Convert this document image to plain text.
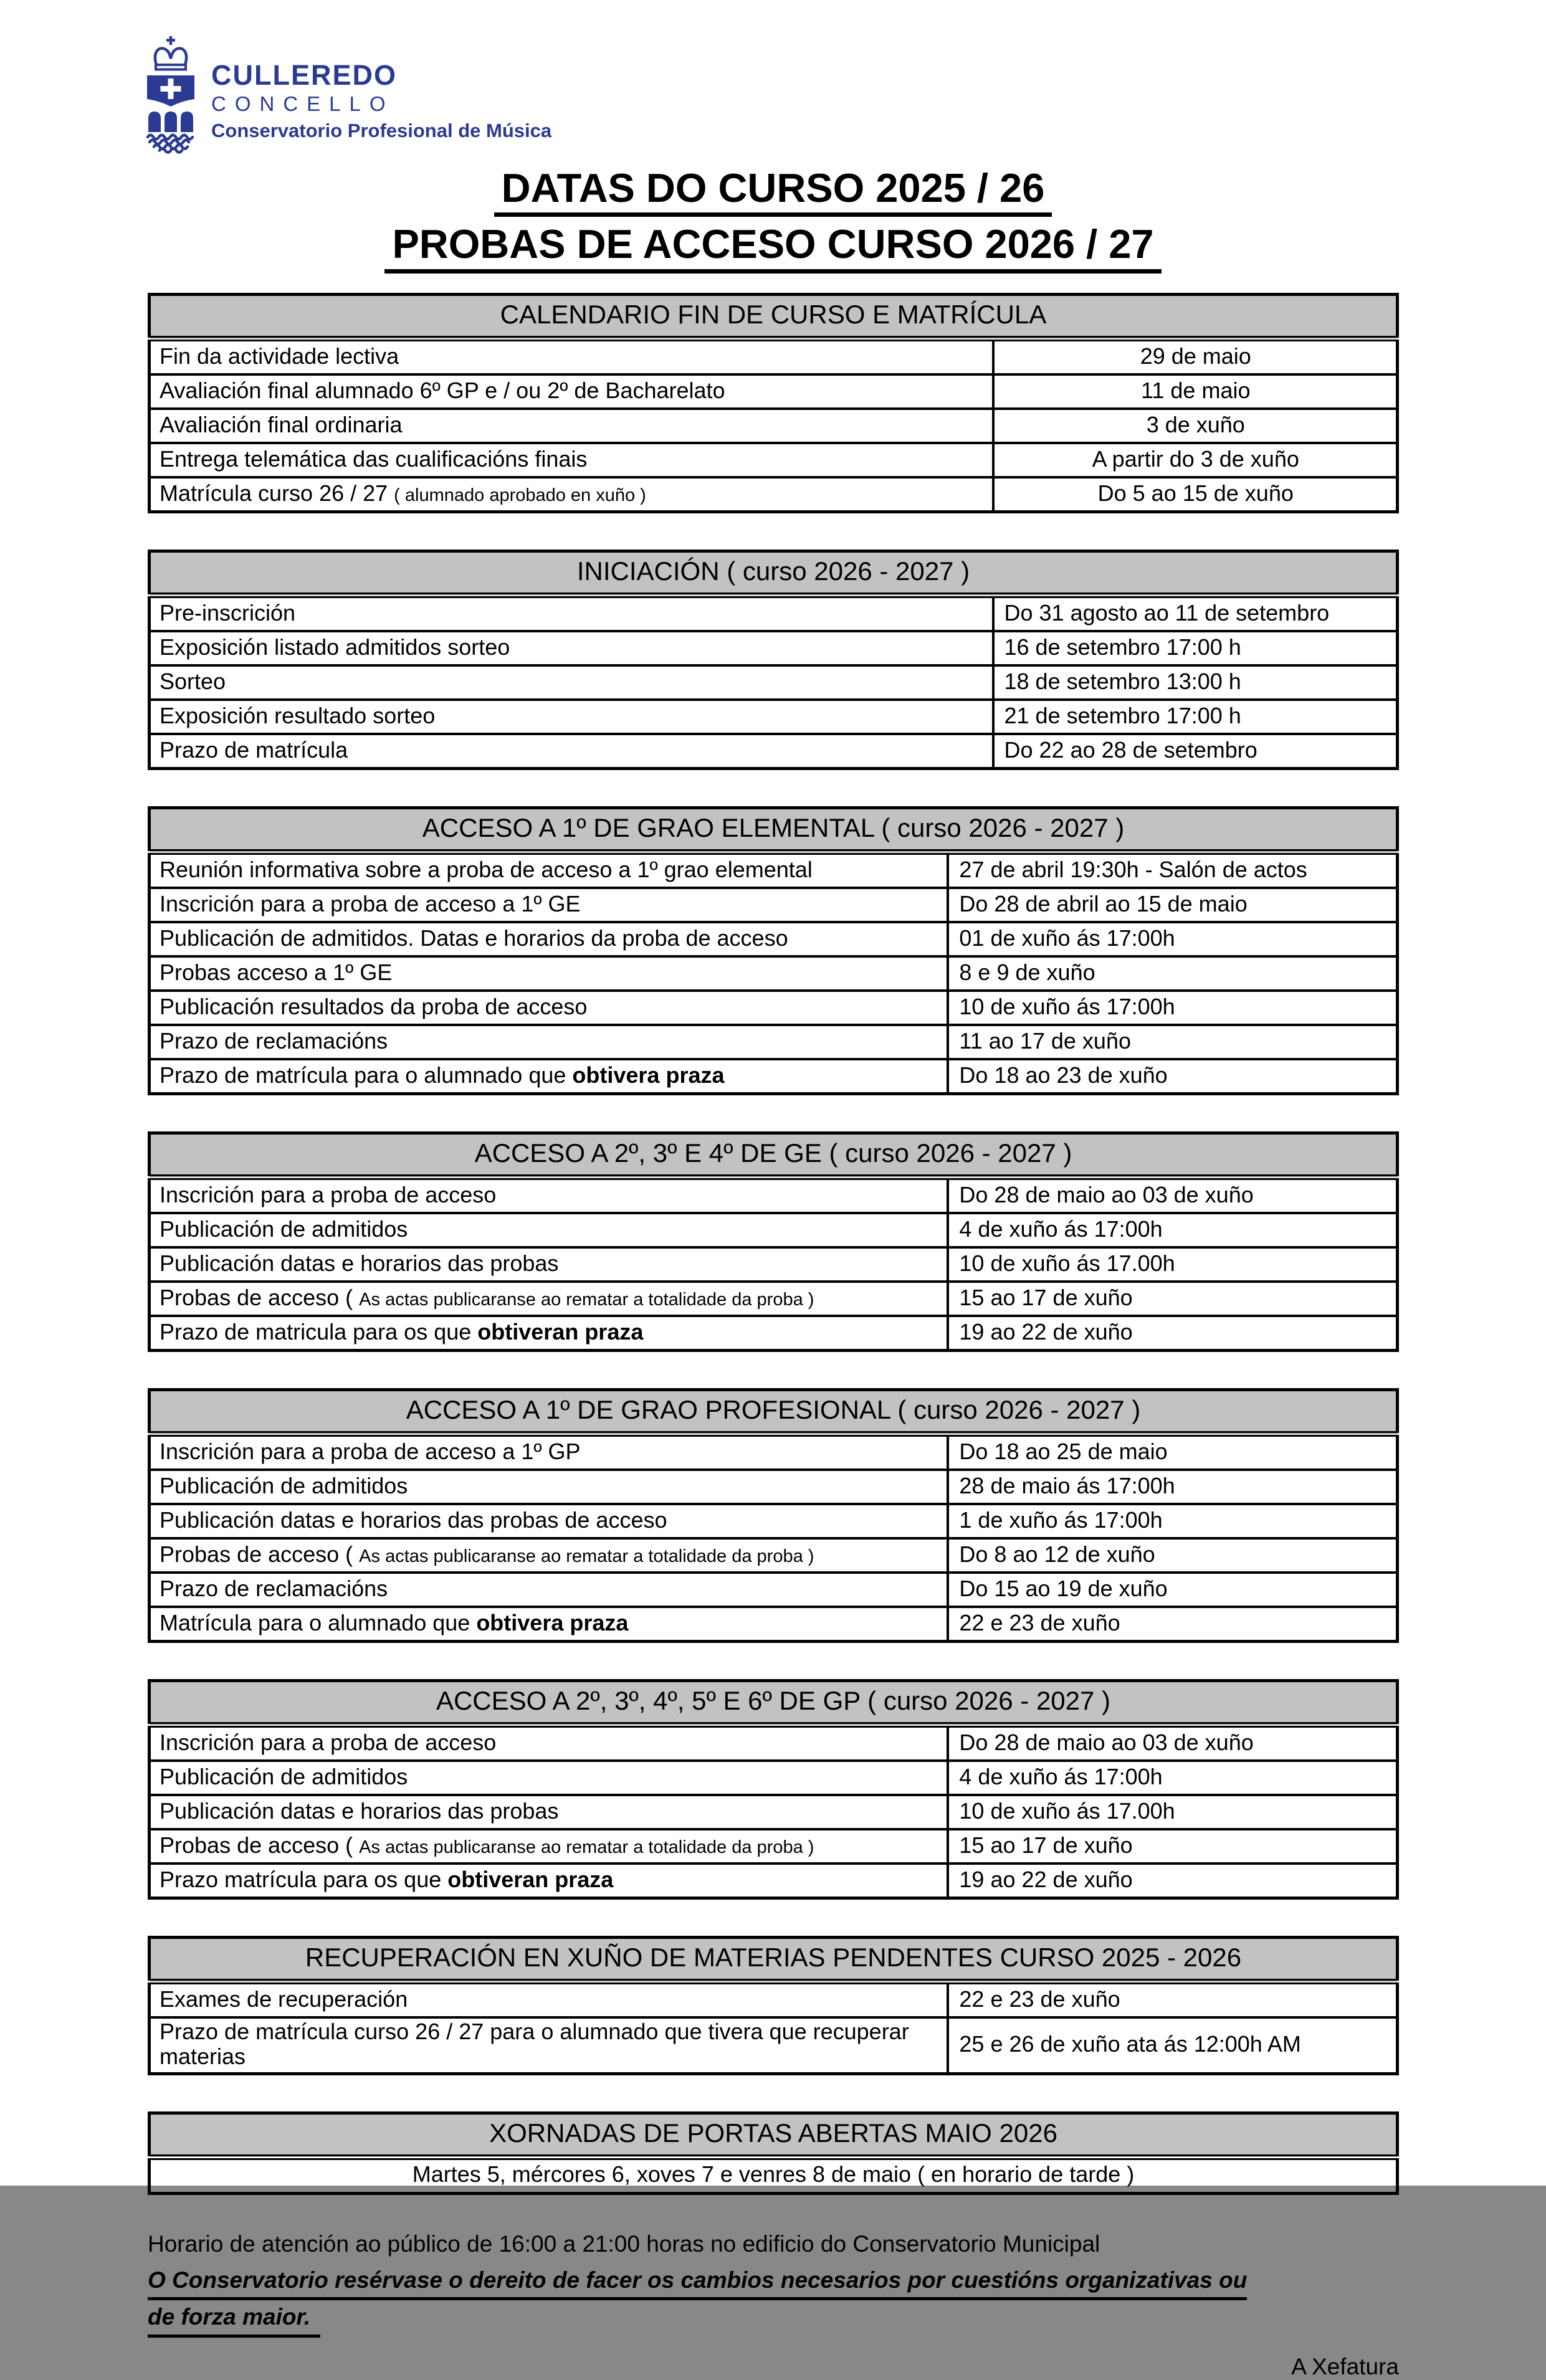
CULLEREDO
CONCELLO
Conservatorio Profesional de Música
DATAS DO CURSO 2025 / 26
PROBAS DE ACCESO CURSO 2026 / 27
CALENDARIO FIN DE CURSO E MATRÍCULA	
Fin da actividade lectiva	29 de maio
Avaliación final alumnado 6º GP e / ou 2º de Bacharelato	11 de maio
Avaliación final ordinaria	3 de xuño
Entrega telemática das cualificacións finais	A partir do 3 de xuño
Matrícula curso 26 / 27 ( alumnado aprobado en xuño )	Do 5 ao 15 de xuño
INICIACIÓN ( curso 2026 - 2027 )	
Pre-inscrición	Do 31 agosto ao 11 de setembro
Exposición listado admitidos sorteo	16 de setembro 17:00 h
Sorteo	18 de setembro 13:00 h
Exposición resultado sorteo	21 de setembro 17:00 h
Prazo de matrícula	Do 22 ao 28 de setembro
ACCESO A 1º DE GRAO ELEMENTAL ( curso 2026 - 2027 )	
Reunión informativa sobre a proba de acceso a 1º grao elemental	27 de abril 19:30h - Salón de actos
Inscrición para a proba de acceso a 1º GE	Do 28 de abril ao 15 de maio
Publicación de admitidos. Datas e horarios da proba de acceso	01 de xuño ás 17:00h
Probas acceso a 1º GE	8 e 9 de xuño
Publicación resultados da proba de acceso	10 de xuño ás 17:00h
Prazo de reclamacións	11 ao 17 de xuño
Prazo de matrícula para o alumnado que obtivera praza	Do 18 ao 23 de xuño
ACCESO A 2º, 3º E 4º DE GE ( curso 2026 - 2027 )	
Inscrición para a proba de acceso	Do 28 de maio ao 03 de xuño
Publicación de admitidos	4 de xuño ás 17:00h
Publicación datas e horarios das probas	10 de xuño ás 17.00h
Probas de acceso ( As actas publicaranse ao rematar a totalidade da proba )	15 ao 17 de xuño
Prazo de matricula para os que obtiveran praza	19 ao 22 de xuño
ACCESO A 1º DE GRAO PROFESIONAL ( curso 2026 - 2027 )	
Inscrición para a proba de acceso a 1º GP	Do 18 ao 25 de maio
Publicación de admitidos	28 de maio ás 17:00h
Publicación datas e horarios das probas de acceso	1 de xuño ás 17:00h
Probas de acceso ( As actas publicaranse ao rematar a totalidade da proba )	Do 8 ao 12 de xuño
Prazo de reclamacións	Do 15 ao 19 de xuño
Matrícula para o alumnado que obtivera praza	22 e 23 de xuño
ACCESO A 2º, 3º, 4º, 5º E 6º DE GP ( curso 2026 - 2027 )	
Inscrición para a proba de acceso	Do 28 de maio ao 03 de xuño
Publicación de admitidos	4 de xuño ás 17:00h
Publicación datas e horarios das probas	10 de xuño ás 17.00h
Probas de acceso ( As actas publicaranse ao rematar a totalidade da proba )	15 ao 17 de xuño
Prazo matrícula para os que obtiveran praza	19 ao 22 de xuño
RECUPERACIÓN EN XUÑO DE MATERIAS PENDENTES CURSO 2025 - 2026	
Exames de recuperación	22 e 23 de xuño
Prazo de matrícula curso 26 / 27 para o alumnado que tivera que recuperar materias	25 e 26 de xuño ata ás 12:00h AM
XORNADAS DE PORTAS ABERTAS MAIO 2026
Martes 5, mércores 6, xoves 7 e venres 8 de maio ( en horario de tarde )

Horario de atención ao público de 16:00 a 21:00 horas no edificio do Conservatorio Municipal

O Conservatorio resérvase o dereito de facer os cambios necesarios por cuestións organizativas ou
de forza maior.

A Xefatura
